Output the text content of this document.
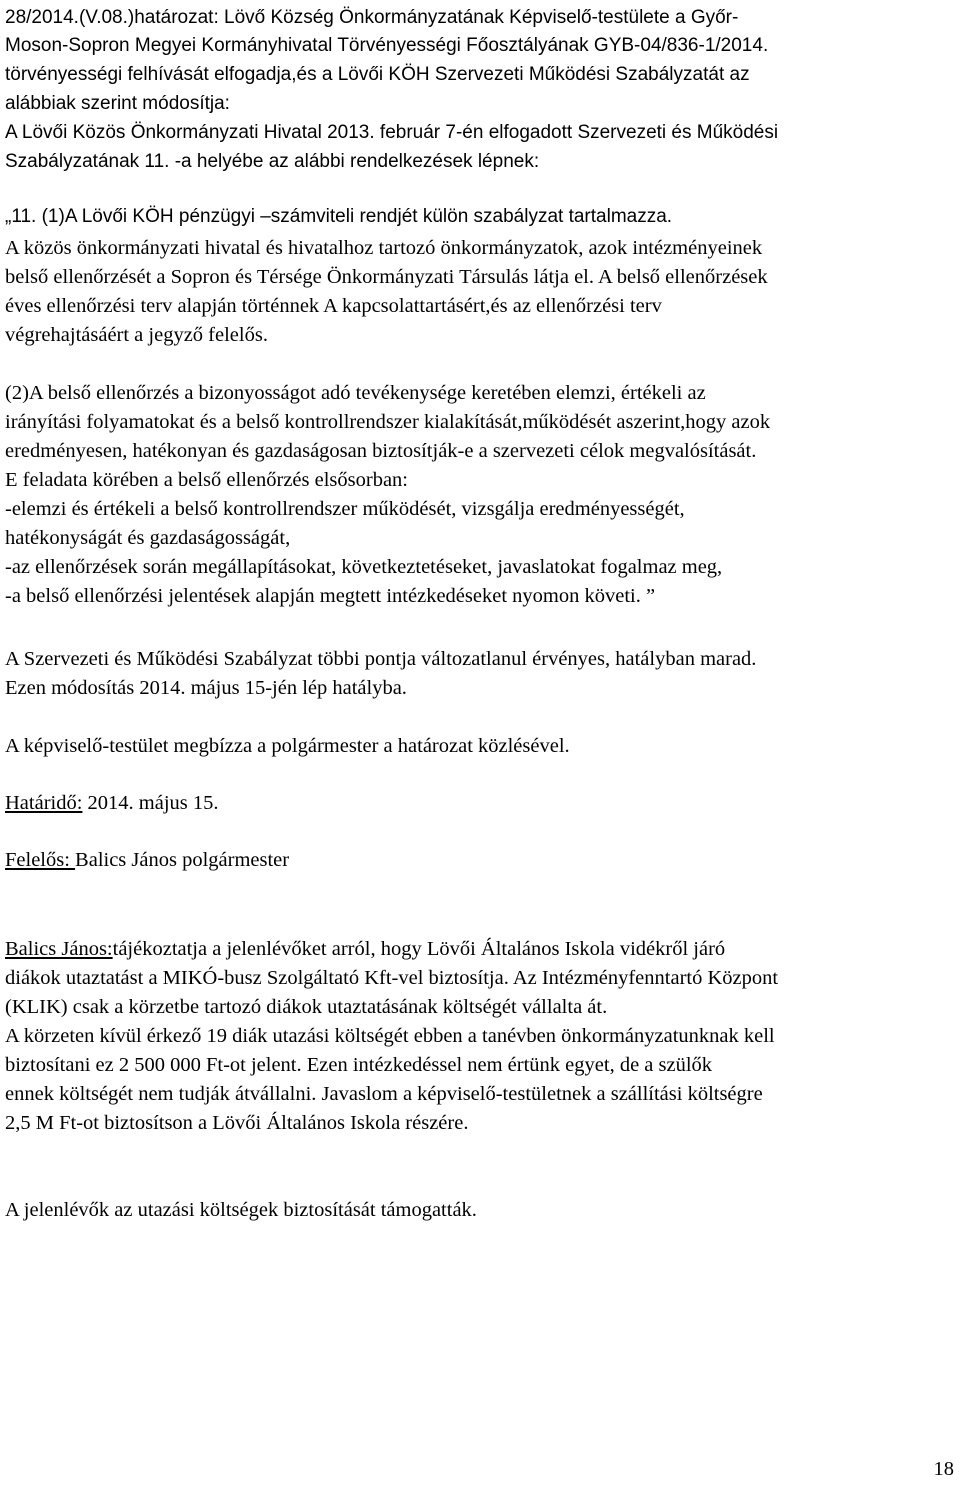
28/2014.(V.08.)határozat: Lövő Község Önkormányzatának Képviselő-testülete a Győr-
Moson-Sopron Megyei Kormányhivatal Törvényességi Főosztályának GYB-04/836-1/2014.
törvényességi felhívását elfogadja,és a Lövői KÖH Szervezeti Működési Szabályzatát az
alábbiak szerint módosítja:
A Lövői Közös Önkormányzati Hivatal 2013. február 7-én elfogadott Szervezeti és Működési
Szabályzatának 11. -a helyébe az alábbi rendelkezések lépnek:
„11. (1)A Lövői KÖH pénzügyi –számviteli rendjét külön szabályzat tartalmazza.
A közös önkormányzati hivatal és hivatalhoz tartozó önkormányzatok, azok intézményeinek
belső ellenőrzését a Sopron és Térsége Önkormányzati Társulás látja el. A belső ellenőrzések
éves ellenőrzési terv alapján történnek A kapcsolattartásért,és az ellenőrzési terv
végrehajtásáért a jegyző felelős.
(2)A belső ellenőrzés a bizonyosságot adó tevékenysége keretében elemzi, értékeli az
irányítási folyamatokat és a belső kontrollrendszer kialakítását,működését aszerint,hogy azok
eredményesen, hatékonyan és gazdaságosan biztosítják-e a szervezeti célok megvalósítását.
E feladata körében a belső ellenőrzés elsősorban:
-elemzi és értékeli a belső kontrollrendszer működését, vizsgálja eredményességét,
hatékonyságát és gazdaságosságát,
-az ellenőrzések során megállapításokat, következtetéseket, javaslatokat fogalmaz meg,
-a belső ellenőrzési jelentések alapján megtett intézkedéseket nyomon követi. ”
A Szervezeti és Működési Szabályzat többi pontja változatlanul érvényes, hatályban marad.
Ezen módosítás 2014. május 15-jén lép hatályba.
A képviselő-testület megbízza a polgármester a határozat közlésével.
Határidő: 2014. május 15.
Felelős: Balics János polgármester
Balics János:tájékoztatja a jelenlévőket arról, hogy Lövői Általános Iskola vidékről járó
diákok utaztatást a MIKÓ-busz Szolgáltató Kft-vel biztosítja. Az Intézményfenntartó Központ
(KLIK) csak a körzetbe tartozó diákok utaztatásának költségét vállalta át.
A körzeten kívül érkező 19 diák utazási költségét ebben a tanévben önkormányzatunknak kell
biztosítani ez 2 500 000 Ft-ot jelent. Ezen intézkedéssel nem értünk egyet, de a szülők
ennek költségét nem tudják átvállalni. Javaslom a képviselő-testületnek a szállítási költségre
2,5 M Ft-ot biztosítson a Lövői Általános Iskola részére.
A jelenlévők az utazási költségek biztosítását támogatták.
18
